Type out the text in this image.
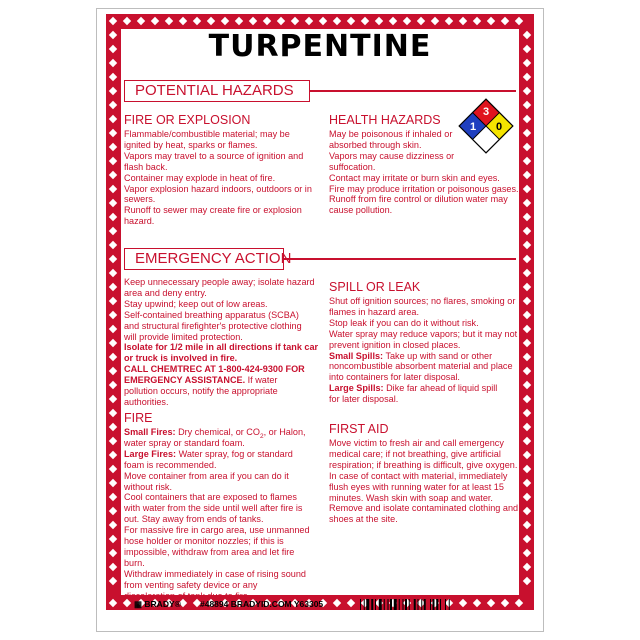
TURPENTINE
POTENTIAL HAZARDS
FIRE OR EXPLOSION
Flammable/combustible material; may be
ignited by heat, sparks or flames.
Vapors may travel to a source of ignition and
flash back.
Container may explode in heat of fire.
Vapor explosion hazard indoors, outdoors or in
sewers.
Runoff to sewer may create fire or explosion
hazard.
HEALTH HAZARDS
May be poisonous if inhaled or
absorbed through skin.
Vapors may cause dizziness or
suffocation.
Contact may irritate or burn skin and eyes.
Fire may produce irritation or poisonous gases.
Runoff from fire control or dilution water may
cause pollution.
3
1 0
EMERGENCY ACTION
Keep unnecessary people away; isolate hazard
area and deny entry.
Stay upwind; keep out of low areas.
Self-contained breathing apparatus (SCBA)
and structural firefighter's protective clothing
will provide limited protection.
Isolate for 1/2 mile in all directions if tank car
or truck is involved in fire.
CALL CHEMTREC AT 1-800-424-9300 FOR
EMERGENCY ASSISTANCE. If water
pollution occurs, notify the appropriate
authorities.
FIRE
Small Fires: Dry chemical, or $CO_2$, or Halon,
water spray or standard foam.
Large Fires: Water spray, fog or standard
foam is recommended.
Move container from area if you can do it
without risk.
Cool containers that are exposed to flames
with water from the side until well after fire is
out. Stay away from ends of tanks.
For massive fire in cargo area, use unmanned
hose holder or monitor nozzles; if this is
impossible, withdraw from area and let fire
burn.
Withdraw immediately in case of rising sound
from venting safety device or any
discoloration of tank due to fire.
SPILL OR LEAK
Shut off ignition sources; no flares, smoking or
flames in hazard area.
Stop leak if you can do it without risk.
Water spray may reduce vapors; but it may not
prevent ignition in closed places.
Small Spills: Take up with sand or other
noncombustible absorbent material and place
into containers for later disposal.
Large Spills: Dike far ahead of liquid spill
for later disposal.
FIRST AID
Move victim to fresh air and call emergency
medical care; if not breathing, give artificial
respiration; if breathing is difficult, give oxygen.
In case of contact with material, immediately
flush eyes with running water for at least 15
minutes. Wash skin with soap and water.
Remove and isolate contaminated clothing and
shoes at the site.
▦ BRADY® #48894 BRADYID.COM Y63305
